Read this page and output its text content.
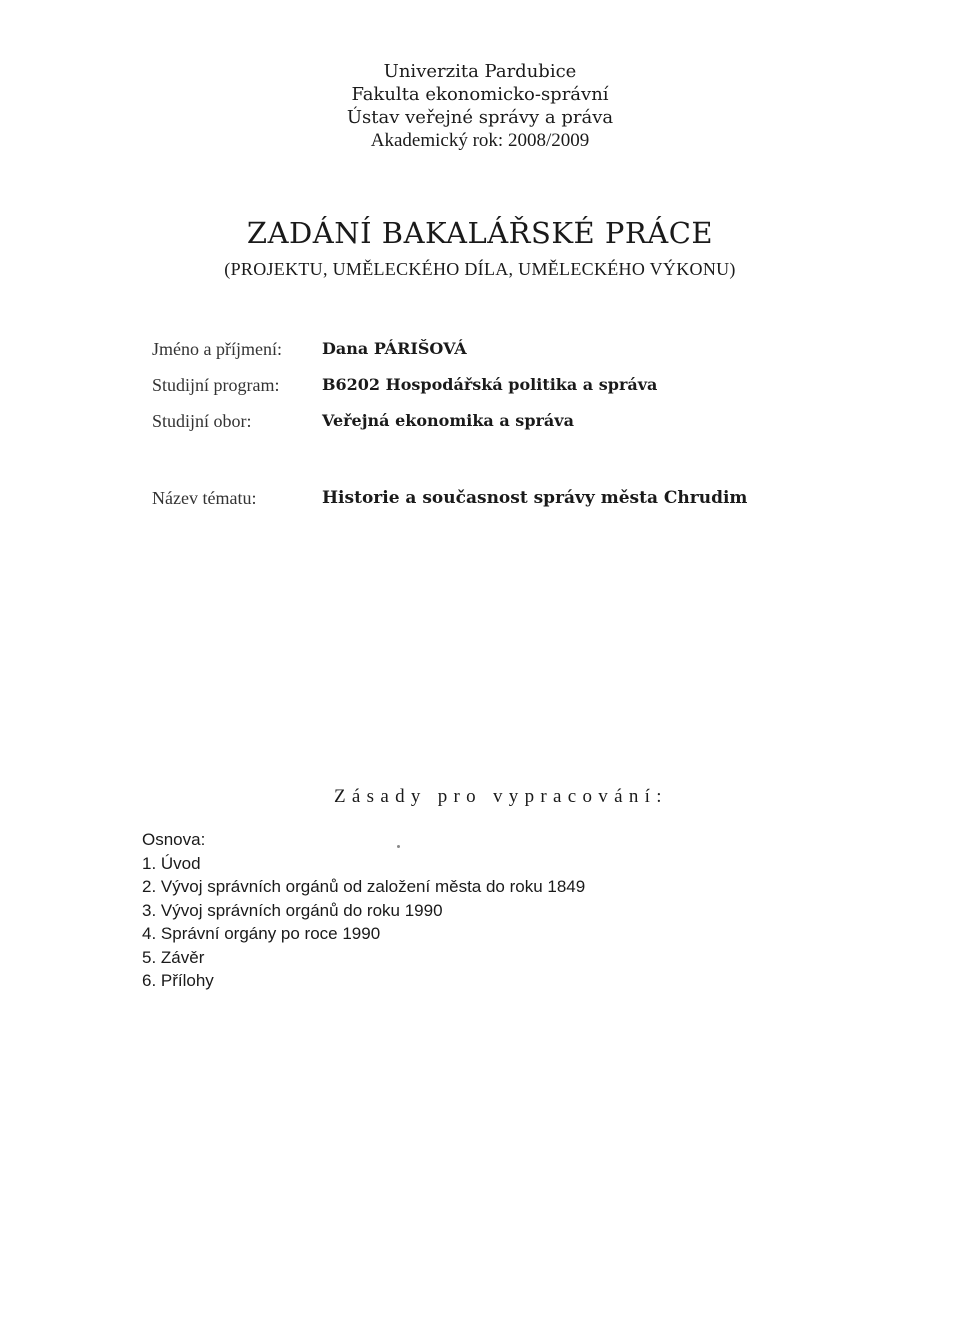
Univerzita Pardubice
Fakulta ekonomicko-správní
Ústav veřejné správy a práva
Akademický rok: 2008/2009
ZADÁNÍ BAKALÁŘSKÉ PRÁCE
(PROJEKTU, UMĚLECKÉHO DÍLA, UMĚLECKÉHO VÝKONU)
Jméno a příjmení:	Dana PÁRIŠOVÁ
Studijní program:	B6202 Hospodářská politika a správa
Studijní obor:	Veřejná ekonomika a správa
Název tématu:	Historie a současnost správy města Chrudim
Zásady pro vypracování:
Osnova:
1. Úvod
2. Vývoj správních orgánů od založení města do roku 1849
3. Vývoj správních orgánů do roku 1990
4. Správní orgány po roce 1990
5. Závěr
6. Přílohy
